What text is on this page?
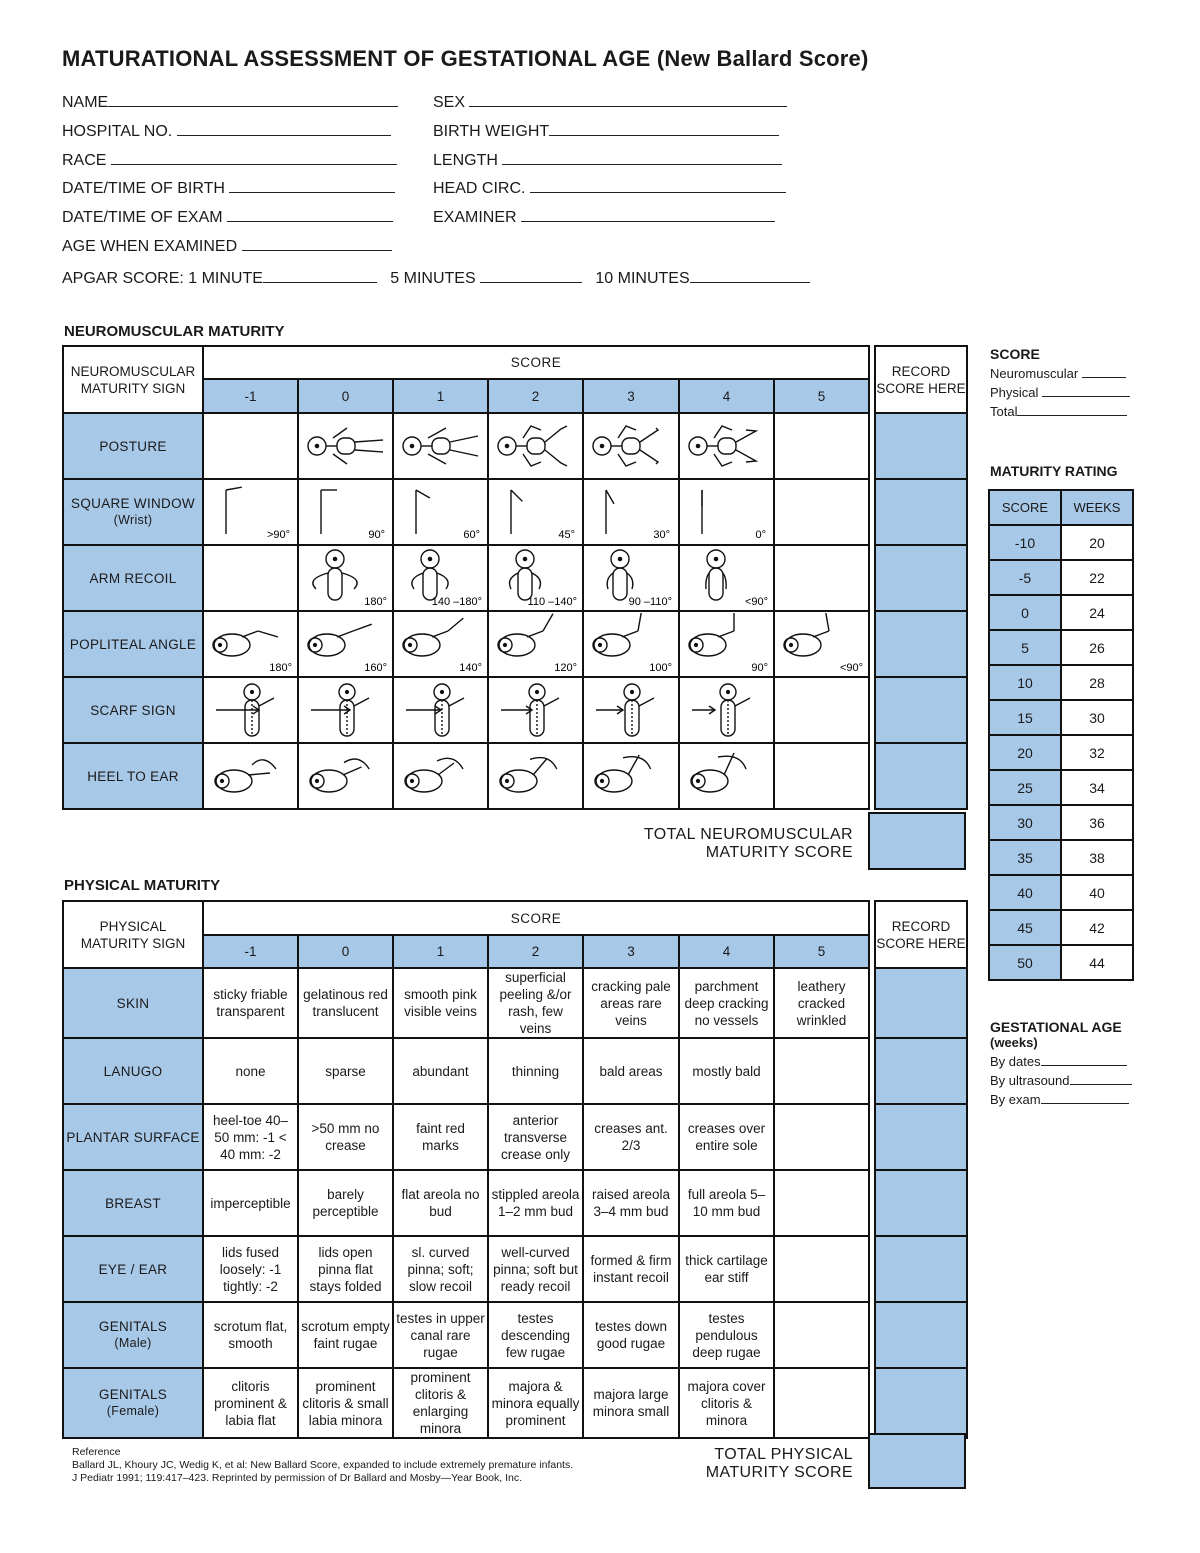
MATURATIONAL ASSESSMENT OF GESTATIONAL AGE (New Ballard Score)
NAME
HOSPITAL NO.
RACE
DATE/TIME OF BIRTH
DATE/TIME OF EXAM
AGE WHEN EXAMINED
APGAR SCORE: 1 MINUTE	5 MINUTES	10 MINUTES
SEX
BIRTH WEIGHT
LENGTH
HEAD CIRC.
EXAMINER
NEUROMUSCULAR MATURITY
NEUROMUSCULAR MATURITY SIGN	SCORE								RECORD SCORE HERE
	-1	0	1	2	3	4	5		
POSTURE		

SQUARE WINDOW
(Wrist)	>90°	90°	60°	45°	30°	0°			

ARM RECOIL		180°	140 –180°	110 –140°	90 –110°	<90°			

POPLITEAL ANGLE	180°	160°	140°	120°	100°	90°	<90°		

SCARF SIGN	

HEEL TO EAR	

TOTAL NEUROMUSCULAR
MATURITY SCORE
PHYSICAL MATURITY
PHYSICAL MATURITY SIGN	SCORE								RECORD SCORE HERE
	-1	0	1	2	3	4	5		
SKIN	sticky friable transparent	gelatinous red translucent	smooth pink visible veins	superficial peeling &/or rash, few veins	cracking pale areas rare veins	parchment deep cracking no vessels	leathery cracked wrinkled		
LANUGO	none	sparse	abundant	thinning	bald areas	mostly bald			
PLANTAR SURFACE	heel-toe 40–50 mm: -1 < 40 mm: -2	>50 mm no crease	faint red marks	anterior transverse crease only	creases ant. 2/3	creases over entire sole			
BREAST	imperceptible	barely perceptible	flat areola no bud	stippled areola 1–2 mm bud	raised areola 3–4 mm bud	full areola 5–10 mm bud			
EYE / EAR	lids fused loosely: -1 tightly: -2	lids open pinna flat stays folded	sl. curved pinna; soft; slow recoil	well-curved pinna; soft but ready recoil	formed & firm instant recoil	thick cartilage ear stiff			
GENITALS
(Male)	scrotum flat, smooth	scrotum empty faint rugae	testes in upper canal rare rugae	testes descending few rugae	testes down good rugae	testes pendulous deep rugae			
GENITALS
(Female)	clitoris prominent & labia flat	prominent clitoris & small labia minora	prominent clitoris & enlarging minora	majora & minora equally prominent	majora large minora small	majora cover clitoris & minora			
TOTAL PHYSICAL
MATURITY SCORE
Reference
Ballard JL, Khoury JC, Wedig K, et al: New Ballard Score, expanded to include extremely premature infants.
J Pediatr 1991; 119:417–423. Reprinted by permission of Dr Ballard and Mosby—Year Book, Inc.
SCORE
Neuromuscular
Physical
Total
MATURITY RATING
SCORE	WEEKS
-10	20
-5	22
0	24
5	26
10	28
15	30
20	32
25	34
30	36
35	38
40	40
45	42
50	44
GESTATIONAL AGE
(weeks)
By dates
By ultrasound
By exam
